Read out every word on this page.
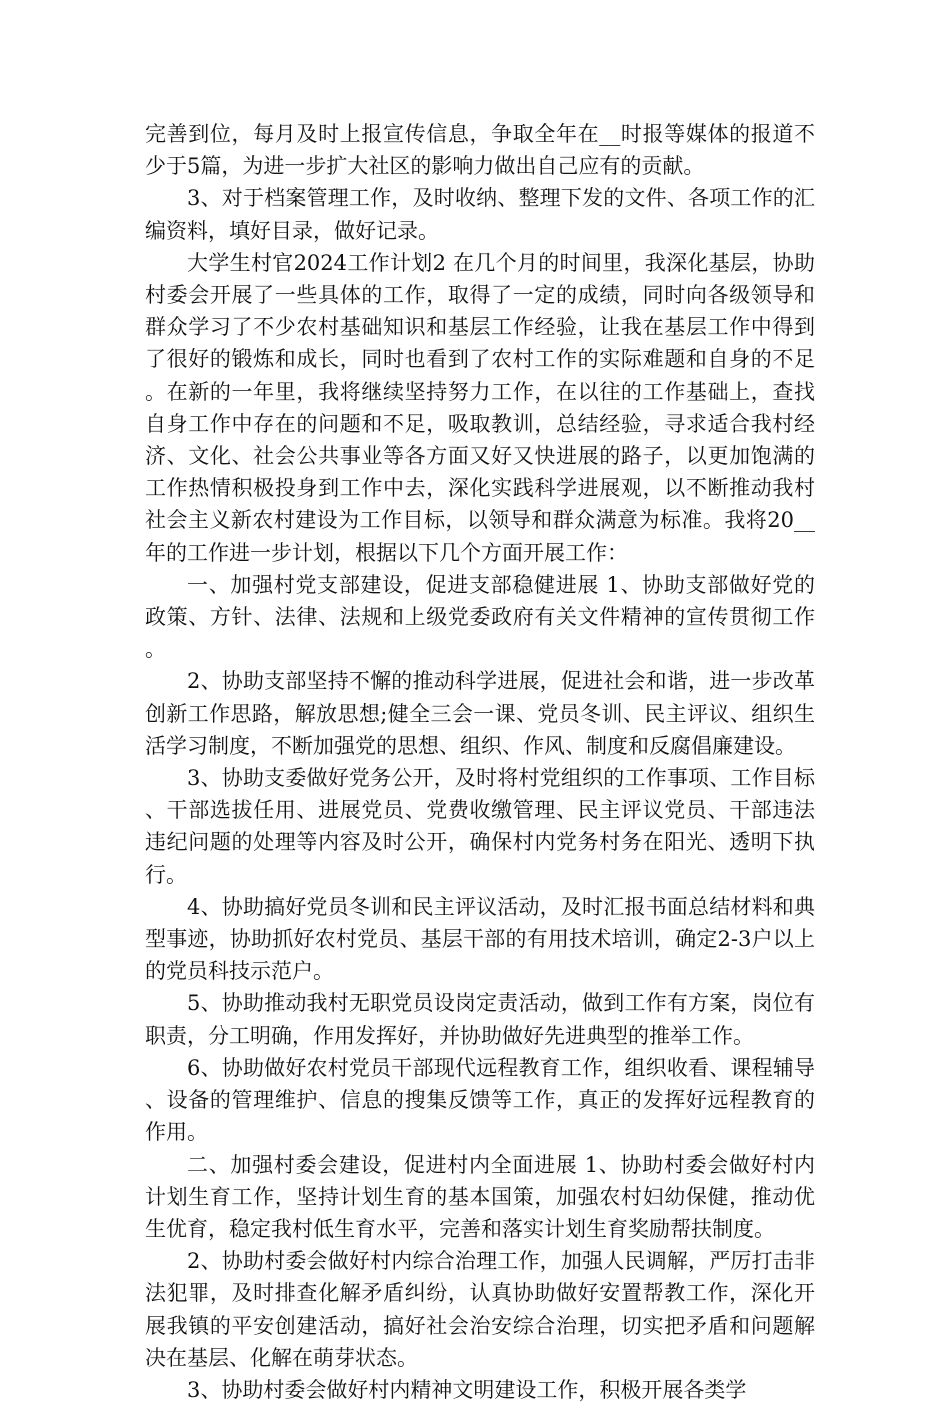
完善到位，每月及时上报宣传信息，争取全年在__时报等媒体的报道不少于5篇，为进一步扩大社区的影响力做出自己应有的贡献。

3、对于档案管理工作，及时收纳、整理下发的文件、各项工作的汇编资料，填好目录，做好记录。

大学生村官2024工作计划2 在几个月的时间里，我深化基层，协助村委会开展了一些具体的工作，取得了一定的成绩，同时向各级领导和群众学习了不少农村基础知识和基层工作经验，让我在基层工作中得到了很好的锻炼和成长，同时也看到了农村工作的实际难题和自身的不足。在新的一年里，我将继续坚持努力工作，在以往的工作基础上，查找自身工作中存在的问题和不足，吸取教训，总结经验，寻求适合我村经济、文化、社会公共事业等各方面又好又快进展的路子，以更加饱满的工作热情积极投身到工作中去，深化实践科学进展观，以不断推动我村社会主义新农村建设为工作目标，以领导和群众满意为标准。我将20__年的工作进一步计划，根据以下几个方面开展工作：

一、加强村党支部建设，促进支部稳健进展 1、协助支部做好党的政策、方针、法律、法规和上级党委政府有关文件精神的宣传贯彻工作。

2、协助支部坚持不懈的推动科学进展，促进社会和谐，进一步改革创新工作思路，解放思想;健全三会一课、党员冬训、民主评议、组织生活学习制度，不断加强党的思想、组织、作风、制度和反腐倡廉建设。

3、协助支委做好党务公开，及时将村党组织的工作事项、工作目标、干部选拔任用、进展党员、党费收缴管理、民主评议党员、干部违法违纪问题的处理等内容及时公开，确保村内党务村务在阳光、透明下执行。

4、协助搞好党员冬训和民主评议活动，及时汇报书面总结材料和典型事迹，协助抓好农村党员、基层干部的有用技术培训，确定2-3户以上的党员科技示范户。

5、协助推动我村无职党员设岗定责活动，做到工作有方案，岗位有职责，分工明确，作用发挥好，并协助做好先进典型的推举工作。

6、协助做好农村党员干部现代远程教育工作，组织收看、课程辅导、设备的管理维护、信息的搜集反馈等工作，真正的发挥好远程教育的作用。

二、加强村委会建设，促进村内全面进展 1、协助村委会做好村内计划生育工作，坚持计划生育的基本国策，加强农村妇幼保健，推动优生优育，稳定我村低生育水平，完善和落实计划生育奖励帮扶制度。

2、协助村委会做好村内综合治理工作，加强人民调解，严厉打击非法犯罪，及时排查化解矛盾纠纷，认真协助做好安置帮教工作，深化开展我镇的平安创建活动，搞好社会治安综合治理，切实把矛盾和问题解决在基层、化解在萌芽状态。

3、协助村委会做好村内精神文明建设工作，积极开展各类学
